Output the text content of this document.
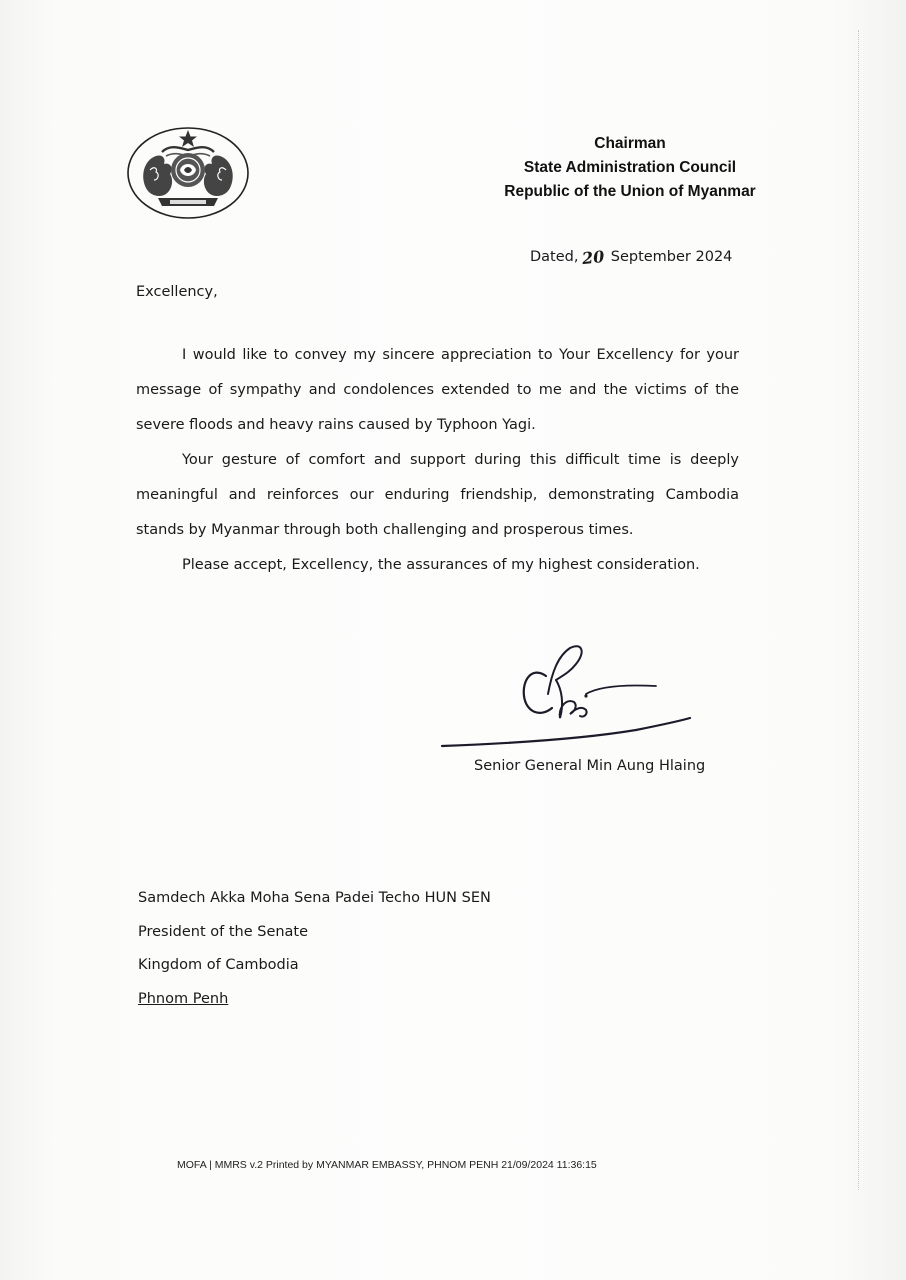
Chairman
State Administration Council
Republic of the Union of Myanmar
Dated, 20 September 2024
Excellency,

I would like to convey my sincere appreciation to Your Excellency for your message of sympathy and condolences extended to me and the victims of the severe floods and heavy rains caused by Typhoon Yagi.

Your gesture of comfort and support during this difficult time is deeply meaningful and reinforces our enduring friendship, demonstrating Cambodia stands by Myanmar through both challenging and prosperous times.

Please accept, Excellency, the assurances of my highest consideration.

Senior General Min Aung Hlaing
Samdech Akka Moha Sena Padei Techo HUN SEN
President of the Senate
Kingdom of Cambodia
Phnom Penh
MOFA | MMRS v.2 Printed by MYANMAR EMBASSY, PHNOM PENH 21/09/2024 11:36:15
